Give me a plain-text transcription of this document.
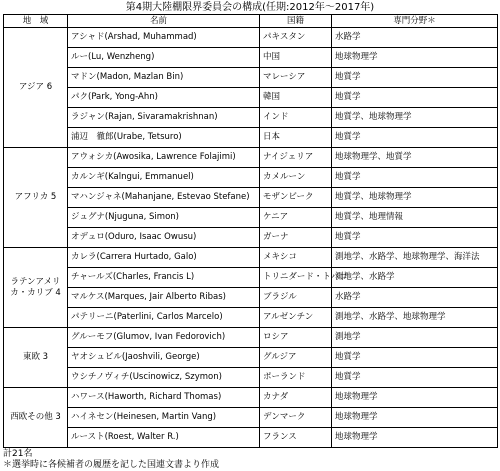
第4期大陸棚限界委員会の構成(任期:2012年～2017年)
地　域	名前	国籍	専門分野＊
アジア 6	アシャド(Arshad, Muhammad)	パキスタン	水路学
	ルー(Lu, Wenzheng)	中国	地球物理学
	マドン(Madon, Mazlan Bin)	マレーシア	地質学
	パク(Park, Yong-Ahn)	韓国	地質学
	ラジャン(Rajan, Sivaramakrishnan)	インド	地質学、地球物理学
	浦辺　徹郎(Urabe, Tetsuro)	日本	地質学
アフリカ 5	アウォシカ(Awosika, Lawrence Folajimi)	ナイジェリア	地球物理学、地質学
	カルンギ(Kalngui, Emmanuel)	カメルーン	地質学
	マハンジャネ(Mahanjane, Estevao Stefane)	モザンビーク	地質学、地球物理学
	ジュグナ(Njuguna, Simon)	ケニア	地質学、地理情報
	オデュロ(Oduro, Isaac Owusu)	ガーナ	地質学
ラテンアメリカ・カリブ 4	カレラ(Carrera Hurtado, Galo)	メキシコ	測地学、水路学、地球物理学、海洋法
	チャールズ(Charles, Francis L)	トリニダード・トバゴ	測地学、水路学
	マルケス(Marques, Jair Alberto Ribas)	ブラジル	水路学
	パテリーニ(Paterlini, Carlos Marcelo)	アルゼンチン	測地学、水路学、地球物理学
東欧 3	グルーモフ(Glumov, Ivan Fedorovich)	ロシア	測地学
	ヤオシュビル(Jaoshvili, George)	グルジア	地質学
	ウシチノヴィチ(Uscinowicz, Szymon)	ポーランド	地質学
西欧その他 3	ハワース(Haworth, Richard Thomas)	カナダ	地球物理学
	ハイネセン(Heinesen, Martin Vang)	デンマーク	地球物理学
	ルースト(Roest, Walter R.)	フランス	地球物理学
計21名
＊選挙時に各候補者の履歴を記した国連文書より作成
